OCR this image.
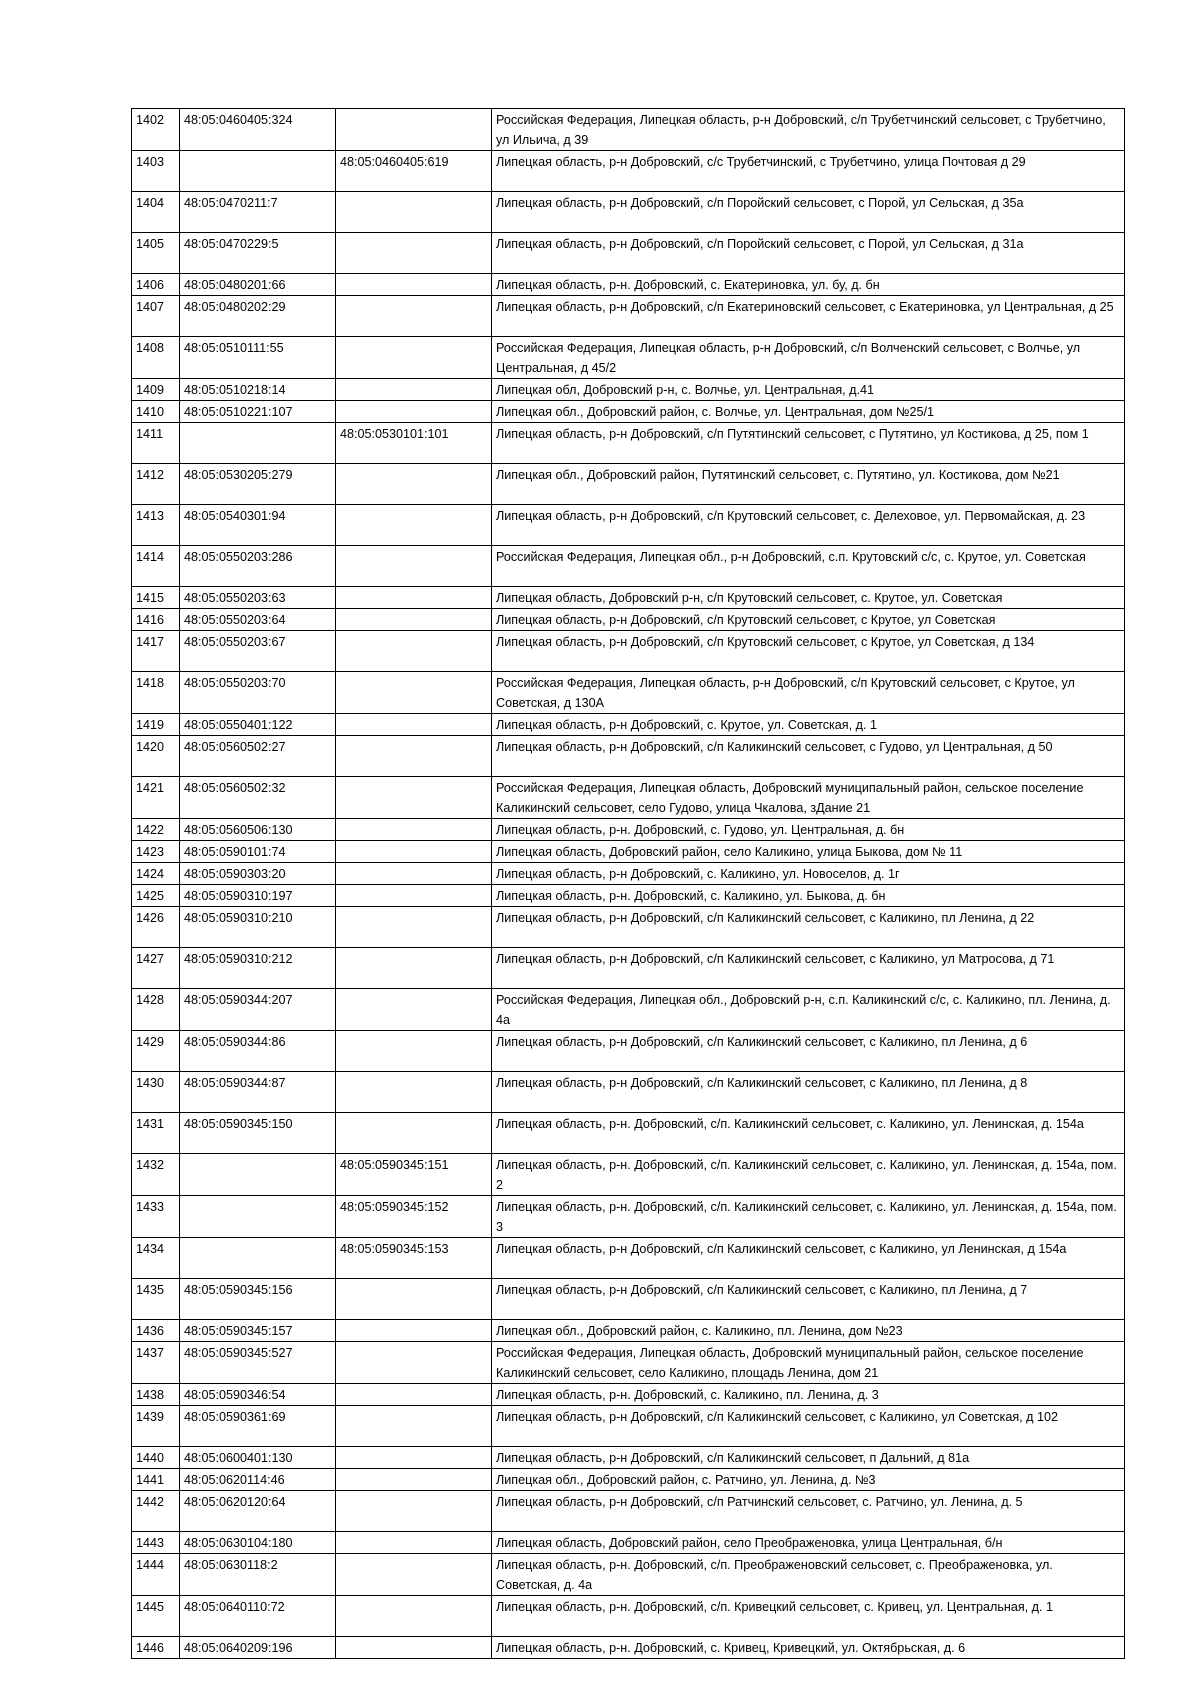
1402	48:05:0460405:324		Российская Федерация, Липецкая область, р-н Добровский, с/п Трубетчинский сельсовет, с Трубетчино, ул Ильича, д 39
1403		48:05:0460405:619	Липецкая область, р-н Добровский, с/с Трубетчинский, с Трубетчино, улица Почтовая д 29
1404	48:05:0470211:7		Липецкая область, р-н Добровский, с/п Поройский сельсовет, с Порой, ул Сельская, д 35а
1405	48:05:0470229:5		Липецкая область, р-н Добровский, с/п Поройский сельсовет, с Порой, ул Сельская, д 31а
1406	48:05:0480201:66		Липецкая область, р-н. Добровский, с. Екатериновка, ул. бу, д. бн
1407	48:05:0480202:29		Липецкая область, р-н Добровский, с/п Екатериновский сельсовет, с Екатериновка, ул Центральная, д 25
1408	48:05:0510111:55		Российская Федерация, Липецкая область, р-н Добровский, с/п Волченский сельсовет, с Волчье, ул Центральная, д 45/2
1409	48:05:0510218:14		Липецкая обл, Добровский р-н, с. Волчье, ул. Центральная, д.41
1410	48:05:0510221:107		Липецкая обл., Добровский район, с. Волчье, ул. Центральная, дом №25/1
1411		48:05:0530101:101	Липецкая область, р-н Добровский, с/п Путятинский сельсовет, с Путятино, ул Костикова, д 25, пом 1
1412	48:05:0530205:279		Липецкая обл., Добровский район, Путятинский сельсовет, с. Путятино, ул. Костикова, дом №21
1413	48:05:0540301:94		Липецкая область, р-н Добровский, с/п Крутовский сельсовет, с. Делеховое, ул. Первомайская, д. 23
1414	48:05:0550203:286		Российская Федерация, Липецкая обл., р-н Добровский, с.п. Крутовский с/с, с. Крутое, ул. Советская
1415	48:05:0550203:63		Липецкая область, Добровский р-н, с/п Крутовский сельсовет, с. Крутое, ул. Советская
1416	48:05:0550203:64		Липецкая область, р-н Добровский, с/п Крутовский сельсовет, с Крутое, ул Советская
1417	48:05:0550203:67		Липецкая область, р-н Добровский, с/п Крутовский сельсовет, с Крутое, ул Советская, д 134
1418	48:05:0550203:70		Российская Федерация, Липецкая область, р-н Добровский, с/п Крутовский сельсовет, с Крутое, ул Советская, д 130А
1419	48:05:0550401:122		Липецкая область, р-н Добровский, с. Крутое, ул. Советская, д. 1
1420	48:05:0560502:27		Липецкая область, р-н Добровский, с/п Каликинский сельсовет, с Гудово, ул Центральная, д 50
1421	48:05:0560502:32		Российская Федерация, Липецкая область, Добровский муниципальный район, сельское поселение Каликинский сельсовет, село Гудово, улица Чкалова, зДание 21
1422	48:05:0560506:130		Липецкая область, р-н. Добровский, с. Гудово, ул. Центральная, д. бн
1423	48:05:0590101:74		Липецкая область, Добровский район, село Каликино, улица Быкова, дом № 11
1424	48:05:0590303:20		Липецкая область, р-н Добровский, с. Каликино, ул. Новоселов, д. 1г
1425	48:05:0590310:197		Липецкая область, р-н. Добровский, с. Каликино, ул. Быкова, д. бн
1426	48:05:0590310:210		Липецкая область, р-н Добровский, с/п Каликинский сельсовет, с Каликино, пл Ленина, д 22
1427	48:05:0590310:212		Липецкая область, р-н Добровский, с/п Каликинский сельсовет, с Каликино, ул Матросова, д 71
1428	48:05:0590344:207		Российская Федерация, Липецкая обл., Добровский р-н, с.п. Каликинский с/с, с. Каликино, пл. Ленина, д. 4а
1429	48:05:0590344:86		Липецкая область, р-н Добровский, с/п Каликинский сельсовет, с Каликино, пл Ленина, д 6
1430	48:05:0590344:87		Липецкая область, р-н Добровский, с/п Каликинский сельсовет, с Каликино, пл Ленина, д 8
1431	48:05:0590345:150		Липецкая область, р-н. Добровский, с/п. Каликинский сельсовет, с. Каликино, ул. Ленинская, д. 154а
1432		48:05:0590345:151	Липецкая область, р-н. Добровский, с/п. Каликинский сельсовет, с. Каликино, ул. Ленинская, д. 154а, пом. 2
1433		48:05:0590345:152	Липецкая область, р-н. Добровский, с/п. Каликинский сельсовет, с. Каликино, ул. Ленинская, д. 154а, пом. 3
1434		48:05:0590345:153	Липецкая область, р-н Добровский, с/п Каликинский сельсовет, с Каликино, ул Ленинская, д 154а
1435	48:05:0590345:156		Липецкая область, р-н Добровский, с/п Каликинский сельсовет, с Каликино, пл Ленина, д 7
1436	48:05:0590345:157		Липецкая обл., Добровский район, с. Каликино, пл. Ленина, дом №23
1437	48:05:0590345:527		Российская Федерация, Липецкая область, Добровский муниципальный район, сельское поселение Каликинский сельсовет, село Каликино, площадь Ленина, дом 21
1438	48:05:0590346:54		Липецкая область, р-н. Добровский, с. Каликино, пл. Ленина, д. 3
1439	48:05:0590361:69		Липецкая область, р-н Добровский, с/п Каликинский сельсовет, с Каликино, ул Советская, д 102
1440	48:05:0600401:130		Липецкая область, р-н Добровский, с/п Каликинский сельсовет, п Дальний, д 81а
1441	48:05:0620114:46		Липецкая обл., Добровский район, с. Ратчино, ул. Ленина, д. №3
1442	48:05:0620120:64		Липецкая область, р-н Добровский, с/п Ратчинский сельсовет, с. Ратчино, ул. Ленина, д. 5
1443	48:05:0630104:180		Липецкая область, Добровский район, село Преображеновка, улица Центральная, б/н
1444	48:05:0630118:2		Липецкая область, р-н. Добровский, с/п. Преображеновский сельсовет, с. Преображеновка, ул. Советская, д. 4а
1445	48:05:0640110:72		Липецкая область, р-н. Добровский, с/п. Кривецкий сельсовет, с. Кривец, ул. Центральная, д. 1
1446	48:05:0640209:196		Липецкая область, р-н. Добровский, с. Кривец, Кривецкий, ул. Октябрьская, д. 6
